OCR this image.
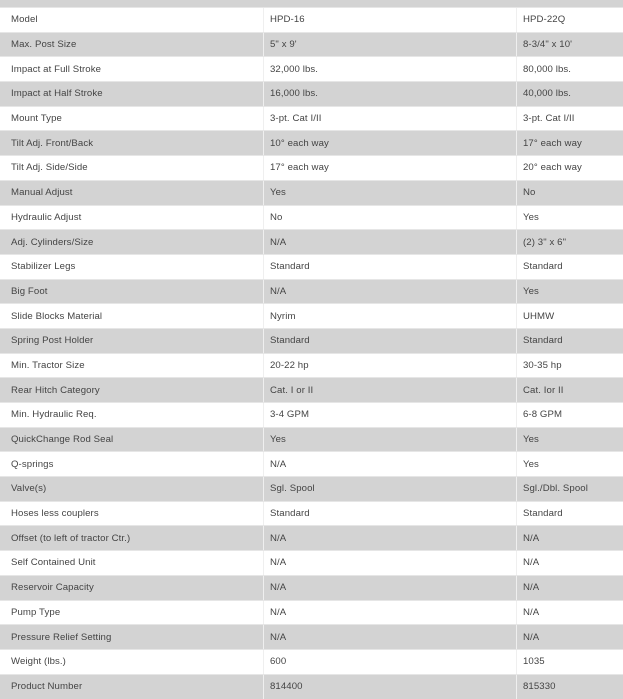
Model	HPD-16	HPD-22Q
Max. Post Size	5" x 9'	8-3/4" x 10'
Impact at Full Stroke	32,000 lbs.	80,000 lbs.
Impact at Half Stroke	16,000 lbs.	40,000 lbs.
Mount Type	3-pt. Cat I/II	3-pt. Cat I/II
Tilt Adj. Front/Back	10° each way	17° each way
Tilt Adj. Side/Side	17° each way	20° each way
Manual Adjust	Yes	No
Hydraulic Adjust	No	Yes
Adj. Cylinders/Size	N/A	(2) 3" x 6"
Stabilizer Legs	Standard	Standard
Big Foot	N/A	Yes
Slide Blocks Material	Nyrim	UHMW
Spring Post Holder	Standard	Standard
Min. Tractor Size	20-22 hp	30-35 hp
Rear Hitch Category	Cat. I or II	Cat. Ior II
Min. Hydraulic Req.	3-4 GPM	6-8 GPM
QuickChange Rod Seal	Yes	Yes
Q-springs	N/A	Yes
Valve(s)	Sgl. Spool	Sgl./Dbl. Spool
Hoses less couplers	Standard	Standard
Offset (to left of tractor Ctr.)	N/A	N/A
Self Contained Unit	N/A	N/A
Reservoir Capacity	N/A	N/A
Pump Type	N/A	N/A
Pressure Relief Setting	N/A	N/A
Weight (lbs.)	600	1035
Product Number	814400	815330
